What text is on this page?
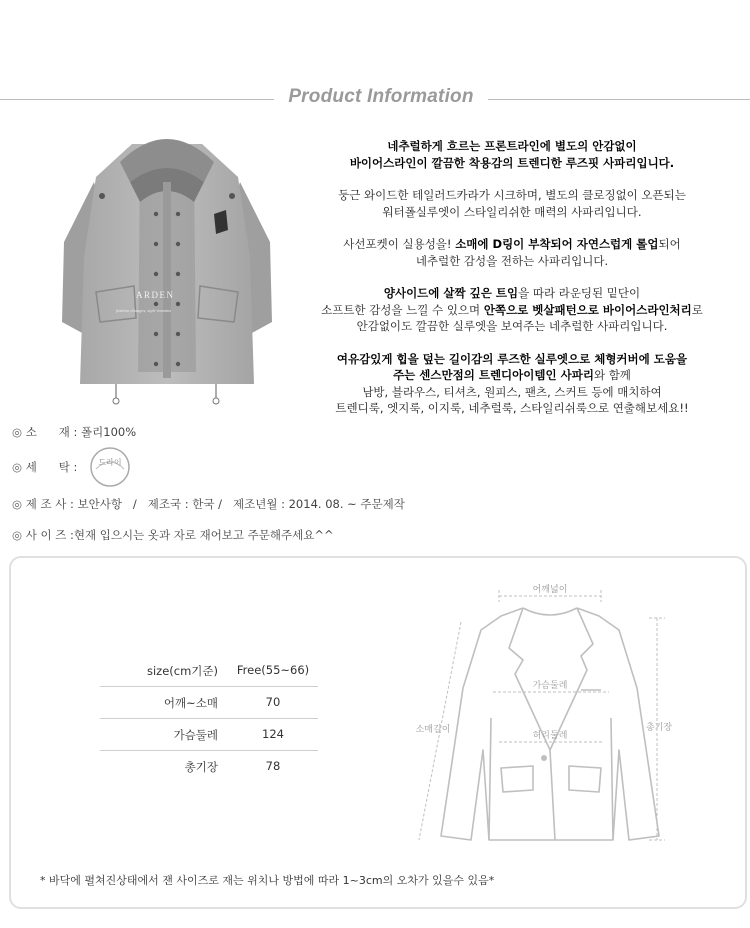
Product Information
ARDEN
fashion changes, style remains

네추럴하게 흐르는 프론트라인에 별도의 안감없이
바이어스라인이 깔끔한 착용감의 트렌디한 루즈핏 사파리입니다.

둥근 와이드한 테일러드카라가 시크하며, 별도의 클로징없이 오픈되는
워터폴실루엣이 스타일리쉬한 매력의 사파리입니다.

사선포켓이 실용성을! 소매에 D링이 부착되어 자연스럽게 롤업되어
네추럴한 감성을 전하는 사파리입니다.

양사이드에 살짝 깊은 트임을 따라 라운딩된 밑단이
소프트한 감성을 느낄 수 있으며 안쪽으로 벳살패턴으로 바이어스라인처리로
안감없이도 깔끔한 실루엣을 보여주는 네추럴한 사파리입니다.

여유감있게 힙을 덮는 길이감의 루즈한 실루엣으로 체형커버에 도움을
주는 센스만점의 트렌디아이템인 사파리와 함께
남방, 블라우스, 티셔츠, 원피스, 팬츠, 스커트 등에 매치하여
트렌디룩, 엣지룩, 이지룩, 네추럴룩, 스타일리쉬룩으로 연출해보세요!!

◎ 소      재 : 폴리100%
◎ 세      탁 :	드라이
◎ 제 조 사 : 보안사항   /   제조국 : 한국 /   제조년월 : 2014. 08. ~ 주문제작
◎ 사 이 즈 :현재 입으시는 옷과 자로 재어보고 주문해주세요^^
size(cm기준)	Free(55~66)
어깨~소매	70
가슴둘레	124
총기장	78
어깨넓이
가슴둘레
허리둘레
소매길이	총기장
* 바닥에 펼쳐진상태에서 잰 사이즈로 재는 위치나 방법에 따라 1~3cm의 오차가 있을수 있음*
